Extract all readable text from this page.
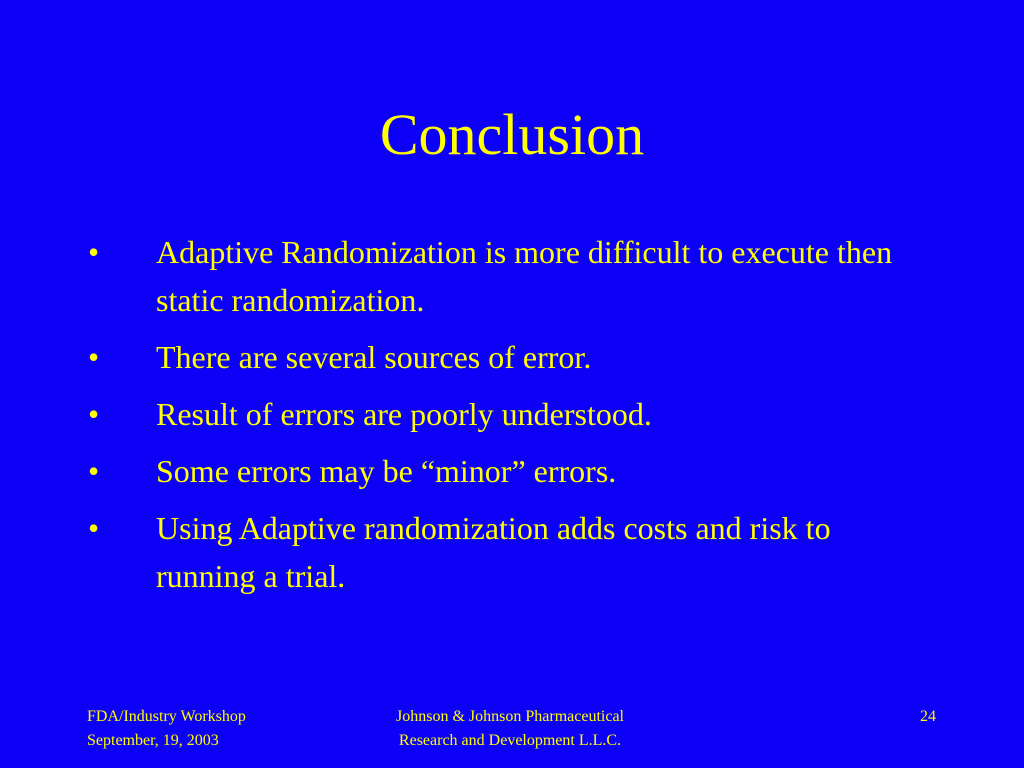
Conclusion
• Adaptive Randomization is more difficult to execute then static randomization.
• There are several sources of error.
• Result of errors are poorly understood.
• Some errors may be “minor” errors.
• Using Adaptive randomization adds costs and risk to running a trial.
FDA/Industry Workshop
September, 19, 2003
Johnson & Johnson Pharmaceutical
Research and Development L.L.C.
24
